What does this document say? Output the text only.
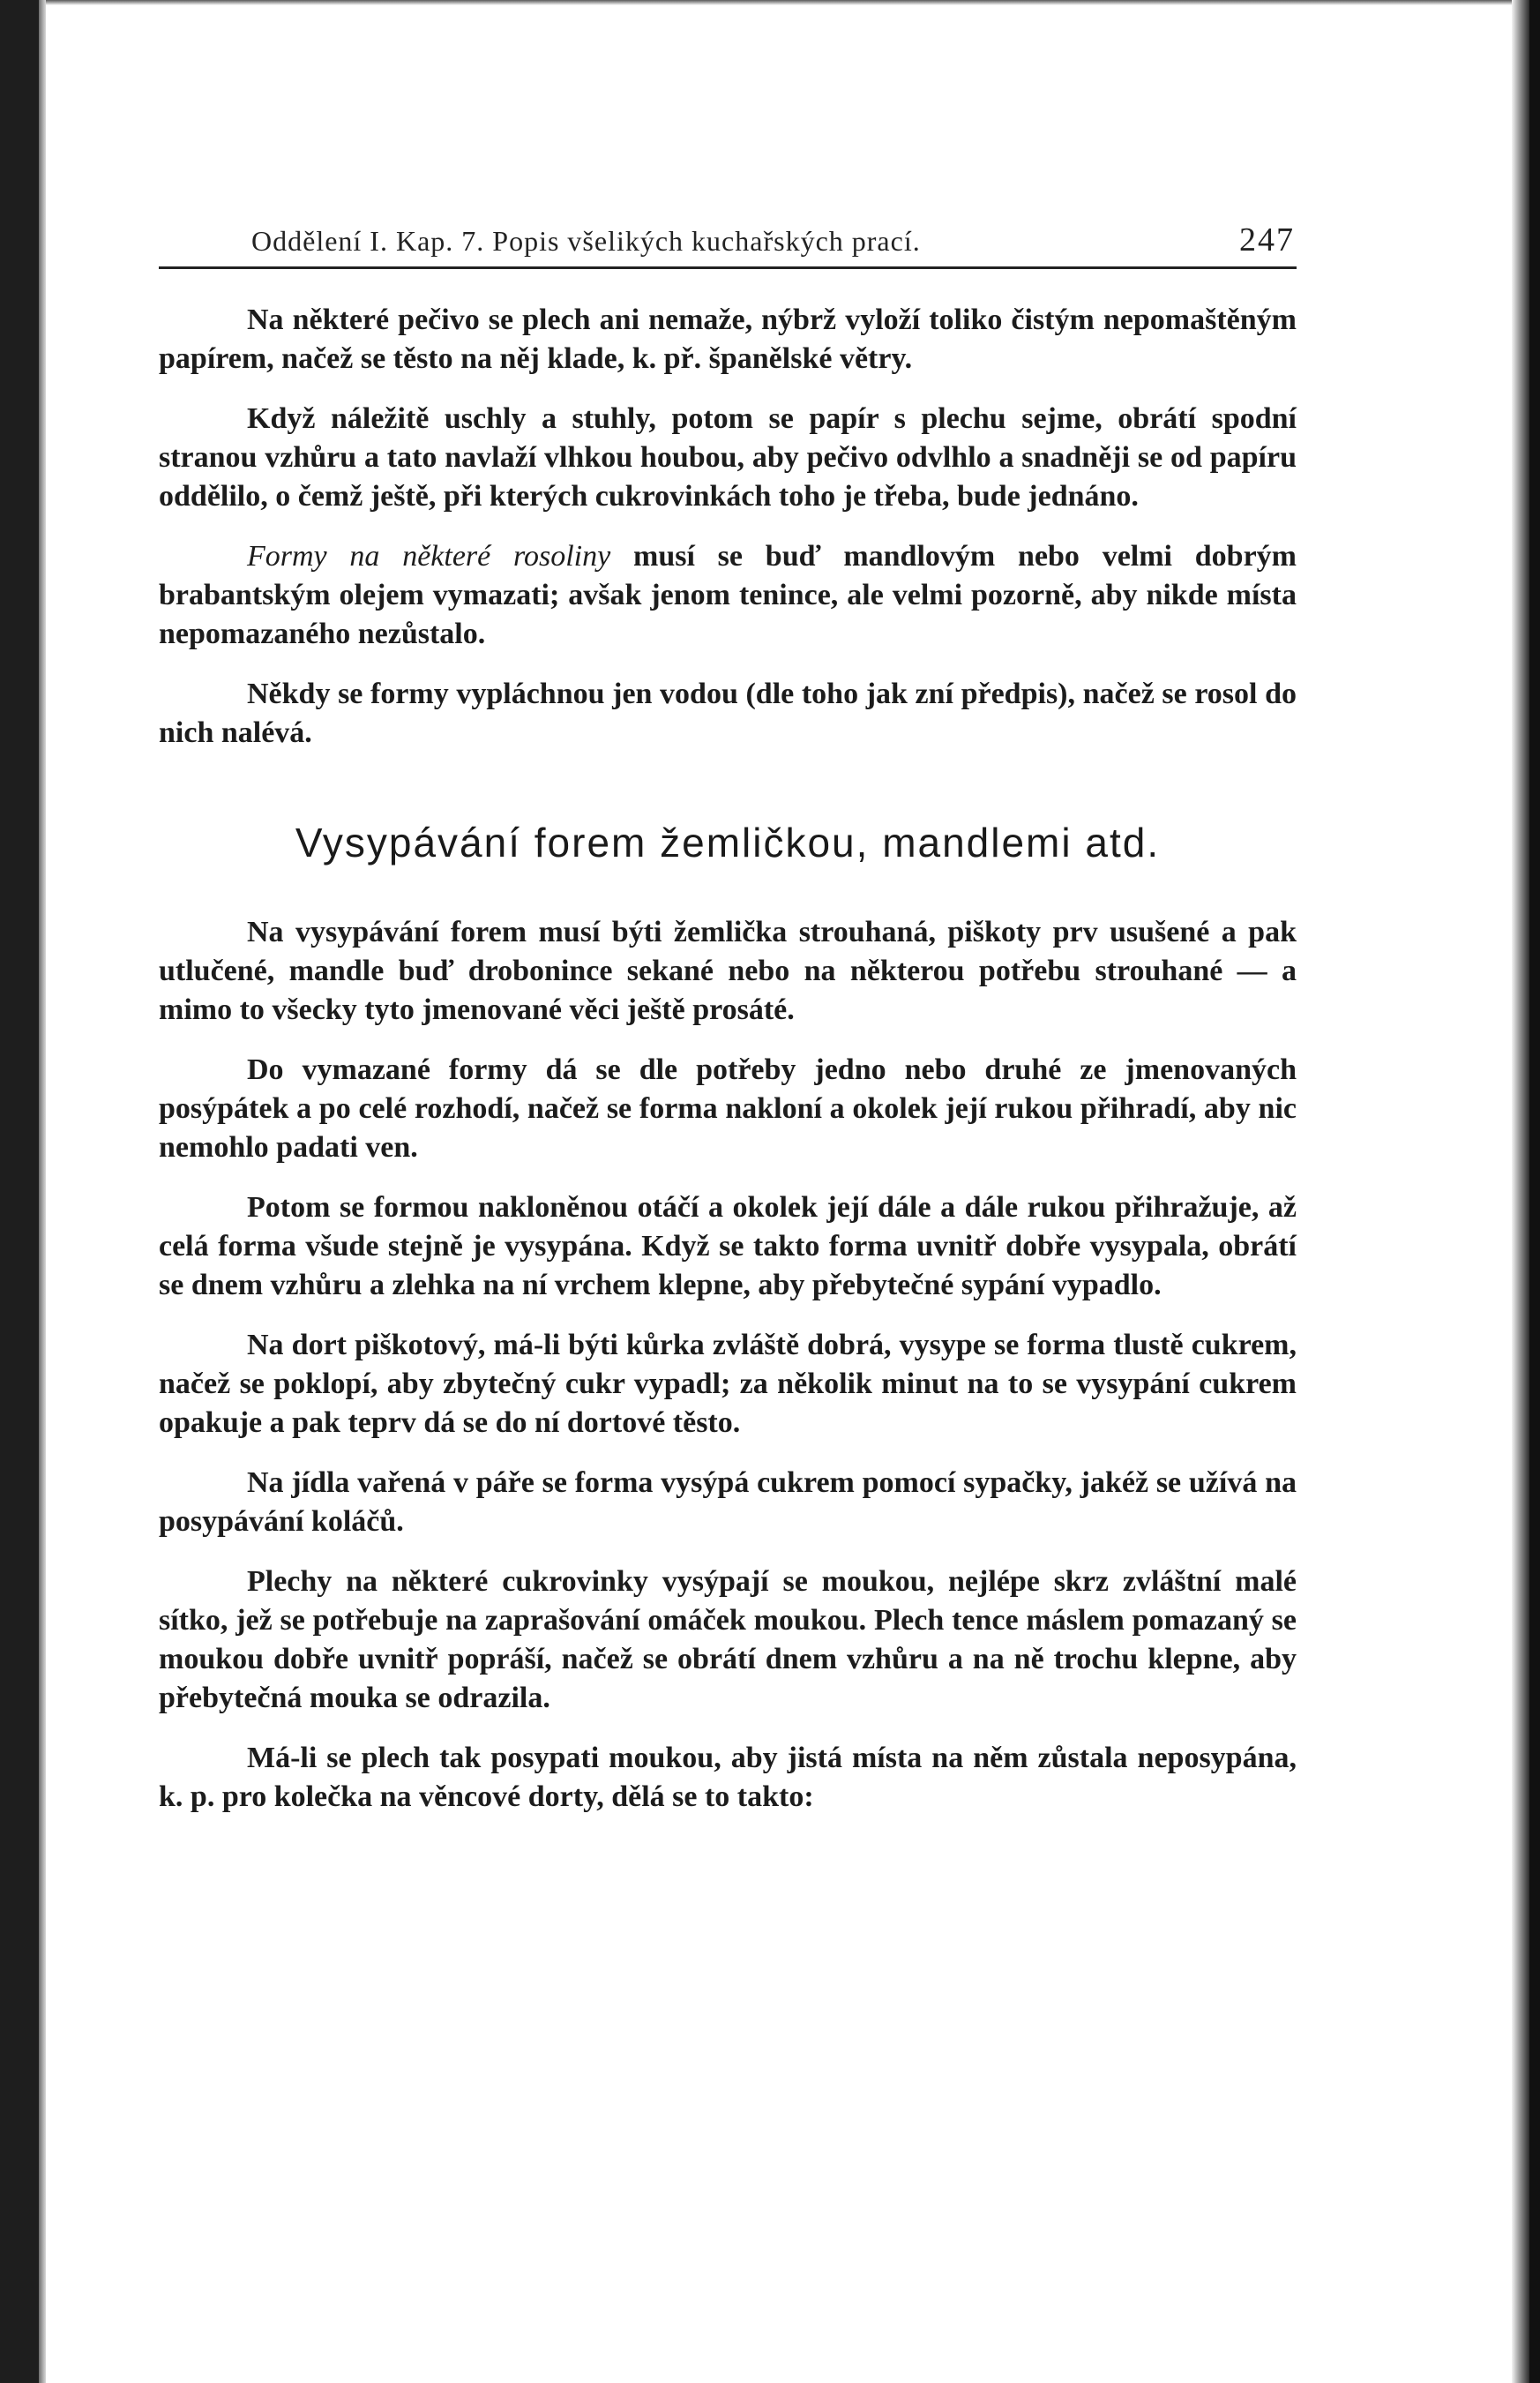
Oddělení I. Kap. 7. Popis všelikých kuchařských prací.	247

Na některé pečivo se plech ani nemaže, nýbrž vyloží toliko čistým nepomaštěným papírem, načež se těsto na něj klade, k. př. španělské větry.

Když náležitě uschly a stuhly, potom se papír s plechu sejme, obrátí spodní stranou vzhůru a tato navlaží vlhkou houbou, aby pečivo odvlhlo a snadněji se od papíru oddělilo, o čemž ještě, při kterých cukrovinkách toho je třeba, bude jednáno.

Formy na některé rosoliny musí se buď mandlovým nebo velmi dobrým brabantským olejem vymazati; avšak jenom tenince, ale velmi pozorně, aby nikde místa nepomazaného nezůstalo.

Někdy se formy vypláchnou jen vodou (dle toho jak zní předpis), načež se rosol do nich nalévá.

Vysypávání forem žemličkou, mandlemi atd.

Na vysypávání forem musí býti žemlička strouhaná, piškoty prv usušené a pak utlučené, mandle buď drobonince sekané nebo na některou potřebu strouhané — a mimo to všecky tyto jmenované věci ještě prosáté.

Do vymazané formy dá se dle potřeby jedno nebo druhé ze jmenovaných posýpátek a po celé rozhodí, načež se forma nakloní a okolek její rukou přihradí, aby nic nemohlo padati ven.

Potom se formou nakloněnou otáčí a okolek její dále a dále rukou přihražuje, až celá forma všude stejně je vysypána. Když se takto forma uvnitř dobře vysypala, obrátí se dnem vzhůru a zlehka na ní vrchem klepne, aby přebytečné sypání vypadlo.

Na dort piškotový, má-li býti kůrka zvláště dobrá, vysype se forma tlustě cukrem, načež se poklopí, aby zbytečný cukr vypadl; za několik minut na to se vysypání cukrem opakuje a pak teprv dá se do ní dortové těsto.

Na jídla vařená v páře se forma vysýpá cukrem pomocí sypačky, jakéž se užívá na posypávání koláčů.

Plechy na některé cukrovinky vysýpají se moukou, nejlépe skrz zvláštní malé sítko, jež se potřebuje na zaprašování omáček moukou. Plech tence máslem pomazaný se moukou dobře uvnitř popráší, načež se obrátí dnem vzhůru a na ně trochu klepne, aby přebytečná mouka se odrazila.

Má-li se plech tak posypati moukou, aby jistá místa na něm zůstala neposypána, k. p. pro kolečka na věncové dorty, dělá se to takto:
